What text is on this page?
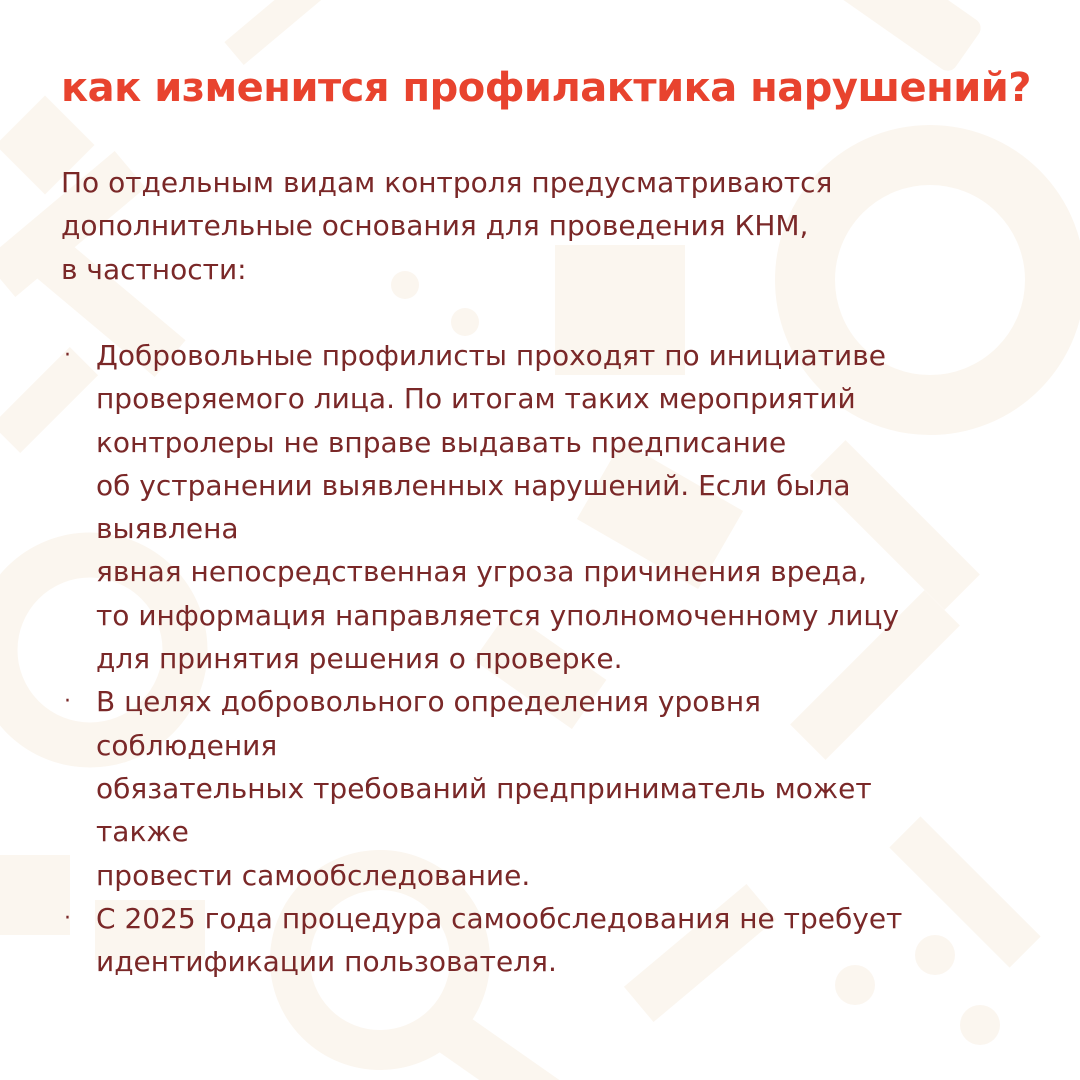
как изменится профилактика нарушений?

По отдельным видам контроля предусматриваются
дополнительные основания для проведения КНМ,
в частности:

· Добровольные профилисты проходят по инициативе
проверяемого лица. По итогам таких мероприятий
контролеры не вправе выдавать предписание
об устранении выявленных нарушений. Если была
выявлена
явная непосредственная угроза причинения вреда,
то информация направляется уполномоченному лицу
для принятия решения о проверке.
· В целях добровольного определения уровня
соблюдения
обязательных требований предприниматель может
также
провести самообследование.
· С 2025 года процедура самообследования не требует
идентификации пользователя.
